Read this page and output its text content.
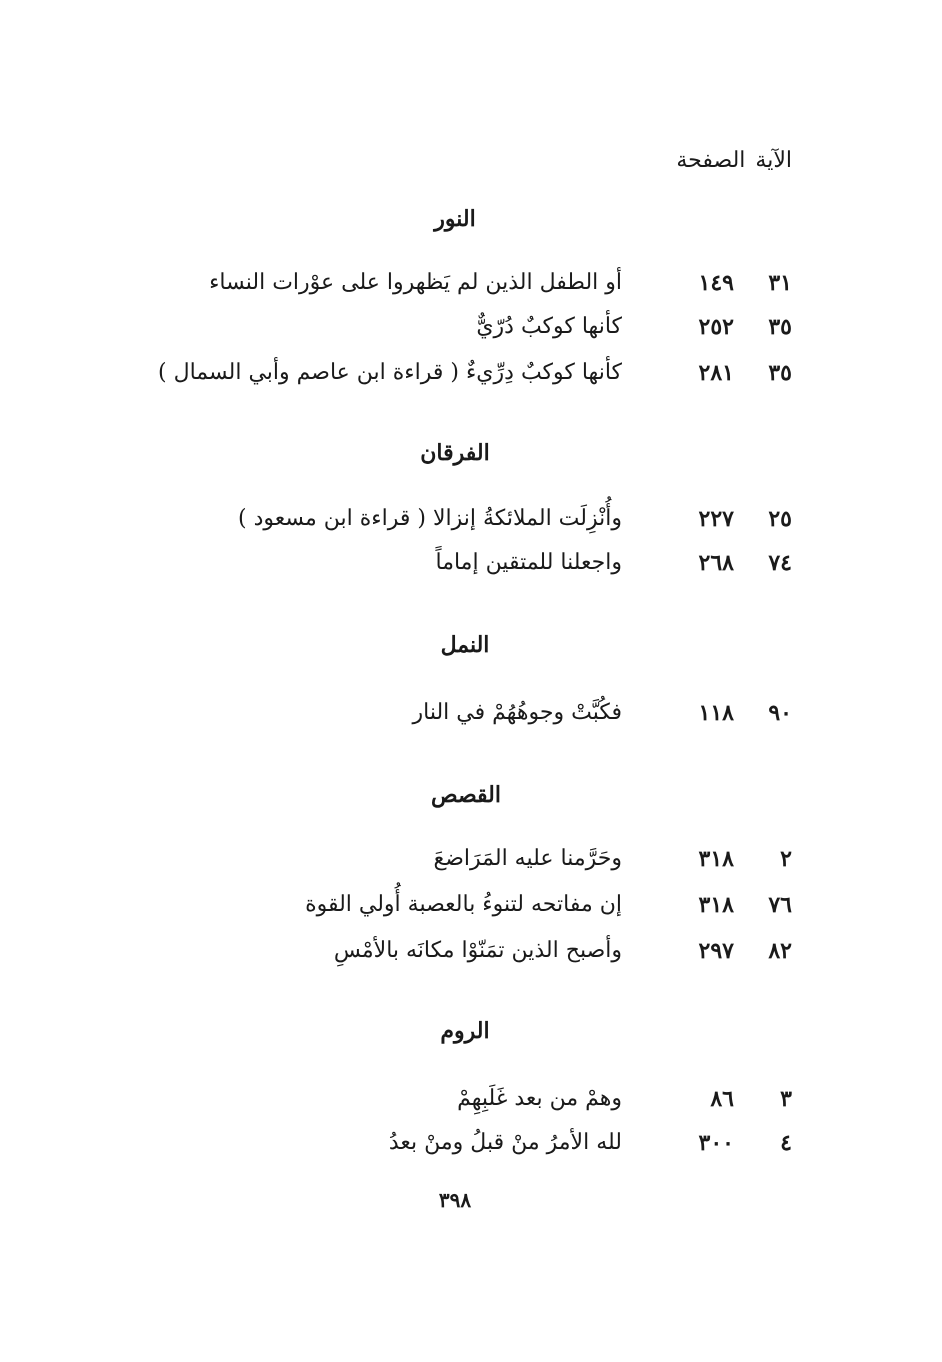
الآيةالصفحة
النور
٣١
١٤٩
أو الطفل الذين لم يَظهروا على عوْرات النساء
٣٥
٢٥٢
كأنها كوكبٌ دُرّيٌّ
٣٥
٢٨١
كأنها كوكبٌ دِرِّيءٌ ( قراءة ابن عاصم وأبي السمال )
الفرقان
٢٥
٢٢٧
وأُنْزِلَت الملائكةُ إنزالا ( قراءة ابن مسعود )
٧٤
٢٦٨
واجعلنا للمتقين إماماً
النمل
٩٠
١١٨
فكُبَّتْ وجوهُهُمْ في النار
القصص
٢
٣١٨
وحَرَّمنا عليه المَرَاضعَ
٧٦
٣١٨
إن مفاتحه لتنوءُ بالعصبة أُولي القوة
٨٢
٢٩٧
وأصبح الذين تمَنّوْا مكانَه بالأمْسِ
الروم
٣
٨٦
وهمْ من بعد غَلَبِهِمْ
٤
٣٠٠
لله الأمرُ منْ قبلُ ومنْ بعدُ
٣٩٨
